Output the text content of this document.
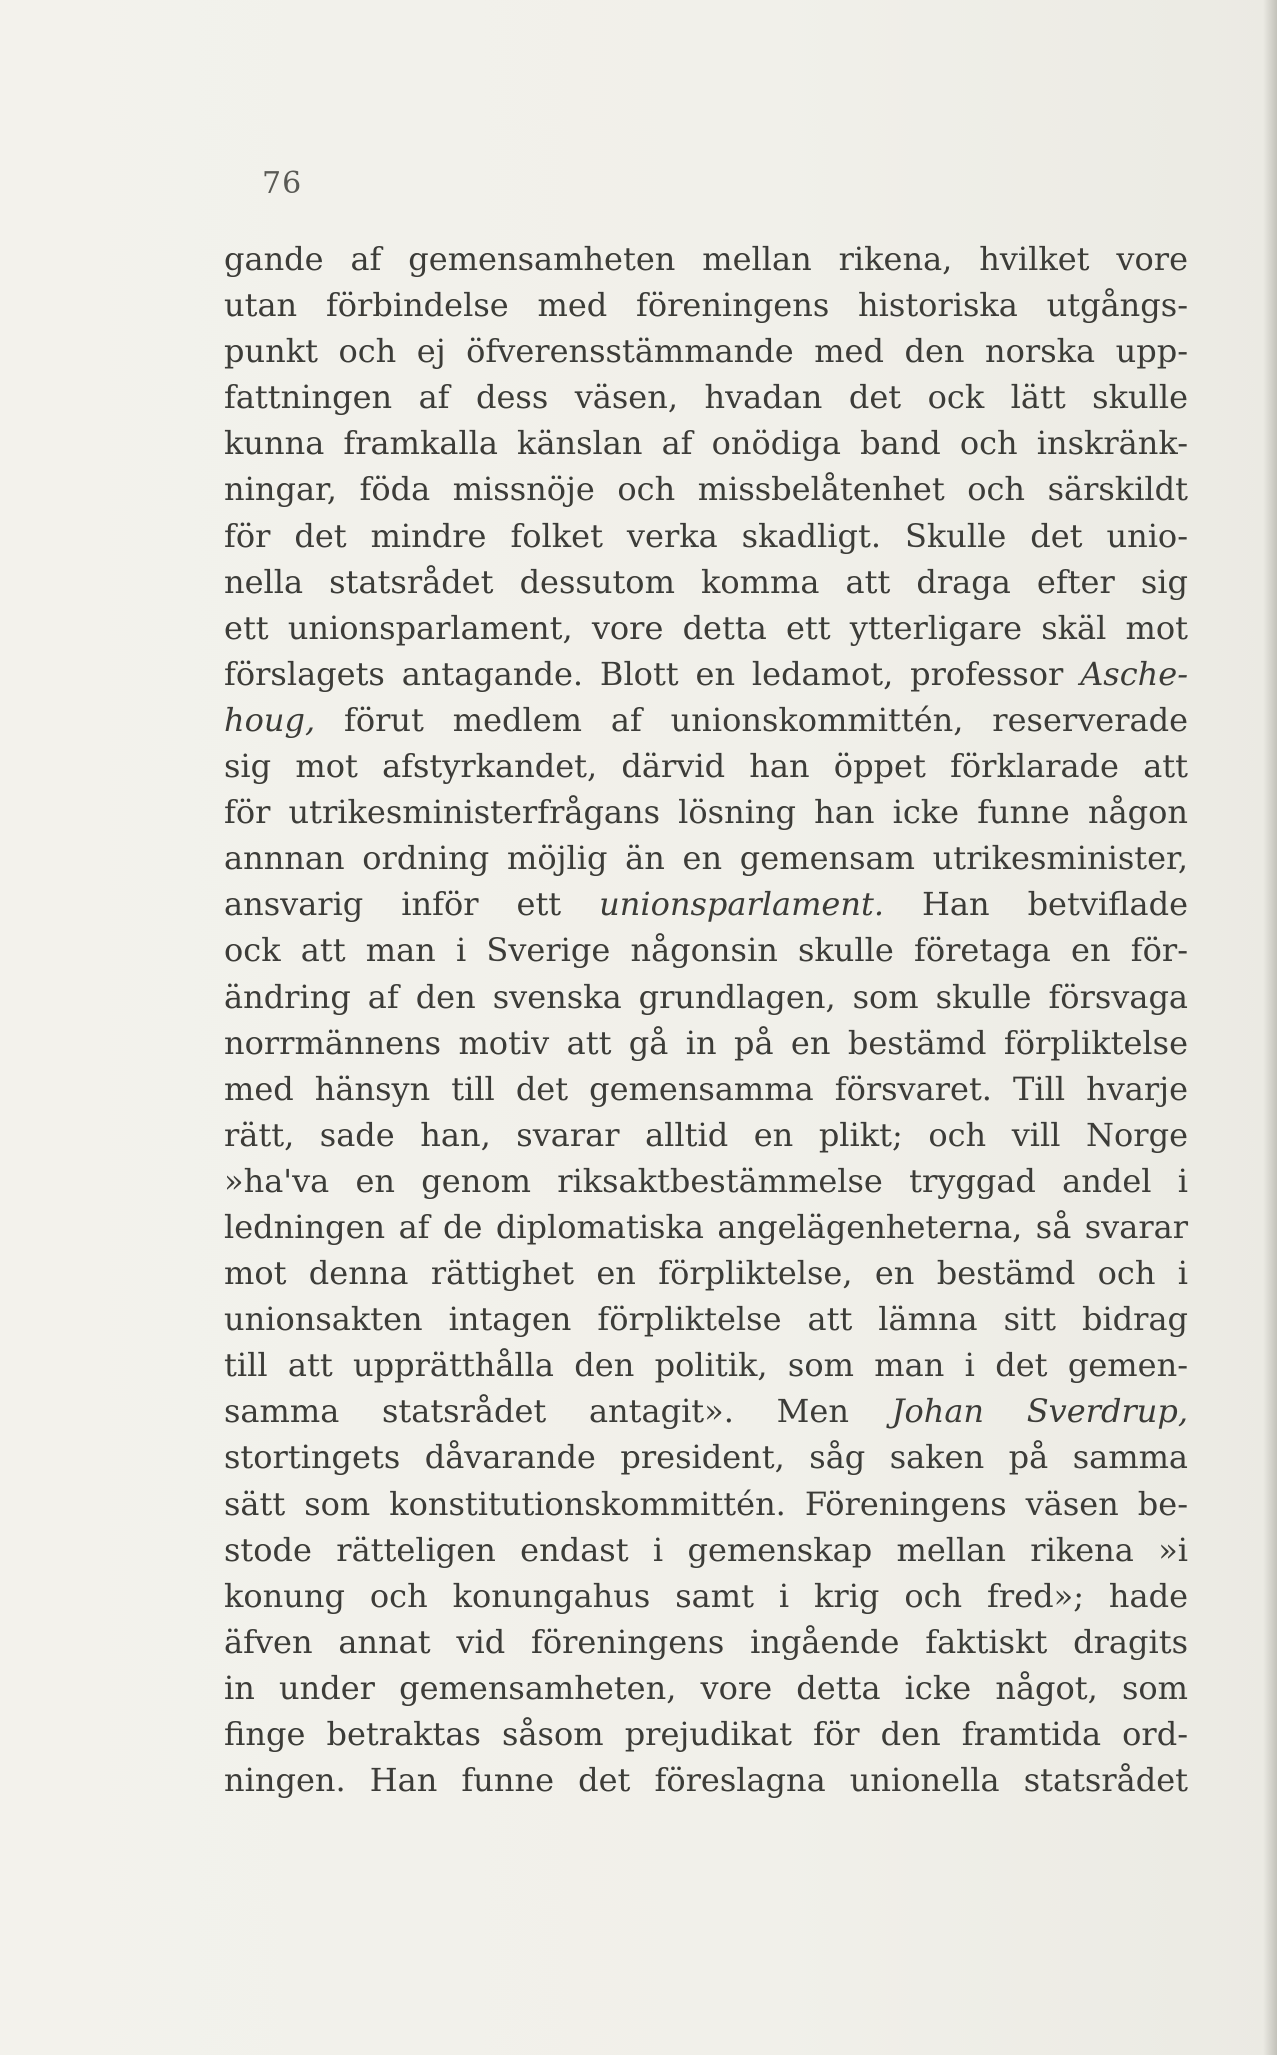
76
gande af gemensamheten mellan rikena, hvilket vore
utan förbindelse med föreningens historiska utgångs-
punkt och ej öfverensstämmande med den norska upp-
fattningen af dess väsen, hvadan det ock lätt skulle
kunna framkalla känslan af onödiga band och inskränk-
ningar, föda missnöje och missbelåtenhet och särskildt
för det mindre folket verka skadligt. Skulle det unio-
nella statsrådet dessutom komma att draga efter sig
ett unionsparlament, vore detta ett ytterligare skäl mot
förslagets antagande. Blott en ledamot, professor Asche-
houg, förut medlem af unionskommittén, reserverade
sig mot afstyrkandet, därvid han öppet förklarade att
för utrikesministerfrågans lösning han icke funne någon
annnan ordning möjlig än en gemensam utrikesminister,
ansvarig inför ett unionsparlament. Han betviflade
ock att man i Sverige någonsin skulle företaga en för-
ändring af den svenska grundlagen, som skulle försvaga
norrmännens motiv att gå in på en bestämd förpliktelse
med hänsyn till det gemensamma försvaret. Till hvarje
rätt, sade han, svarar alltid en plikt; och vill Norge
»ha'va en genom riksaktbestämmelse tryggad andel i
ledningen af de diplomatiska angelägenheterna, så svarar
mot denna rättighet en förpliktelse, en bestämd och i
unionsakten intagen förpliktelse att lämna sitt bidrag
till att upprätthålla den politik, som man i det gemen-
samma statsrådet antagit». Men Johan Sverdrup,
stortingets dåvarande president, såg saken på samma
sätt som konstitutionskommittén. Föreningens väsen be-
stode rätteligen endast i gemenskap mellan rikena »i
konung och konungahus samt i krig och fred»; hade
äfven annat vid föreningens ingående faktiskt dragits
in under gemensamheten, vore detta icke något, som
finge betraktas såsom prejudikat för den framtida ord-
ningen. Han funne det föreslagna unionella statsrådet
